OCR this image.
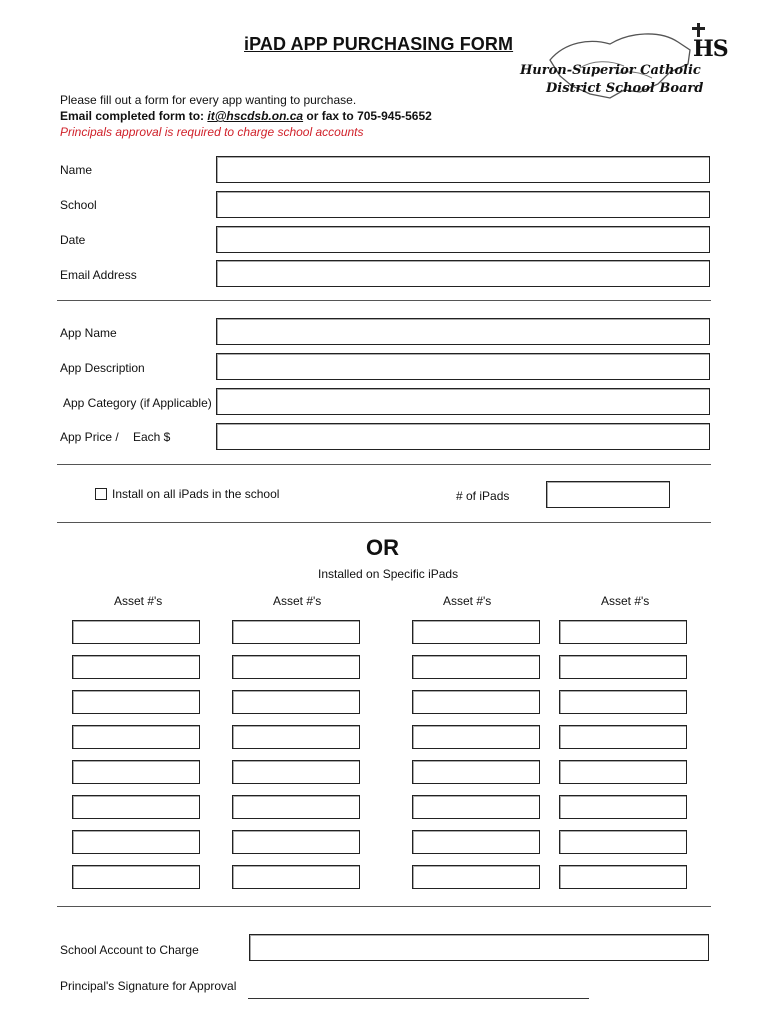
iPAD APP PURCHASING FORM	HS
Huron-Superior Catholic
District School Board
Please fill out a form for every app wanting to purchase.
Email completed form to: it@hscdsb.on.ca or fax to 705-945-5652
Principals approval is required to charge school accounts
Name
School
Date
Email Address
App Name
App Description
App Category (if Applicable)
App Price / Each $
Install on all iPads in the school	# of iPads
OR
Installed on Specific iPads
Asset #'s	Asset #'s	Asset #'s	Asset #'s
School Account to Charge
Principal's Signature for Approval
